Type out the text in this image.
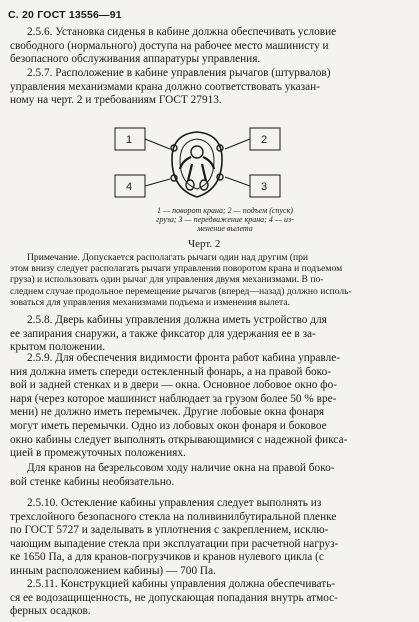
С. 20 ГОСТ 13556—91
2.5.6. Установка сиденья в кабине должна обеспечивать условие
свободного (нормального) доступа на рабочее место машинисту и
безопасного обслуживания аппаратуры управления.
2.5.7. Расположение в кабине управления рычагов (штурвалов)
управления механизмами крана должно соответствовать указан-
ному на черт. 2 и требованиям ГОСТ 27913.
1	2
3
4
1 — поворот крана; 2 — подъем (спуск)
груза; 3 — передвижение крана; 4 — из-
менение вылета
Черт. 2
Примечание. Допускается располагать рычаги один над другим (при
этом внизу следует располагать рычаги управления поворотом крана и подъемом
груза) и использовать один рычаг для управления двумя механизмами. В по-
следнем случае продольное перемещение рычагов (вперед—назад) должно исполь-
зоваться для управления механизмами подъема и изменения вылета.
2.5.8. Дверь кабины управления должна иметь устройство для
ее запирания снаружи, а также фиксатор для удержания ее в за-
крытом положении.
2.5.9. Для обеспечения видимости фронта работ кабина управле-
ния должна иметь спереди остекленный фонарь, а на правой боко-
вой и задней стенках и в двери — окна. Основное лобовое окно фо-
наря (через которое машинист наблюдает за грузом более 50 % вре-
мени) не должно иметь перемычек. Другие лобовые окна фонаря
могут иметь перемычки. Одно из лобовых окон фонаря и боковое
окно кабины следует выполнять открывающимися с надежной фикса-
цией в промежуточных положениях.
Для кранов на безрельсовом ходу наличие окна на правой боко-
вой стенке кабины необязательно.
2.5.10. Остекление кабины управления следует выполнять из
трехслойного безопасного стекла на поливинилбутиральной пленке
по ГОСТ 5727 и заделывать в уплотнения с закреплением, исклю-
чающим выпадение стекла при эксплуатации при расчетной нагруз-
ке 1650 Па, а для кранов-погрузчиков и кранов нулевого цикла (с
инным расположением кабины) — 700 Па.
2.5.11. Конструкцией кабины управления должна обеспечивать-
ся ее водозащищенность, не допускающая попадания внутрь атмос-
ферных осадков.
